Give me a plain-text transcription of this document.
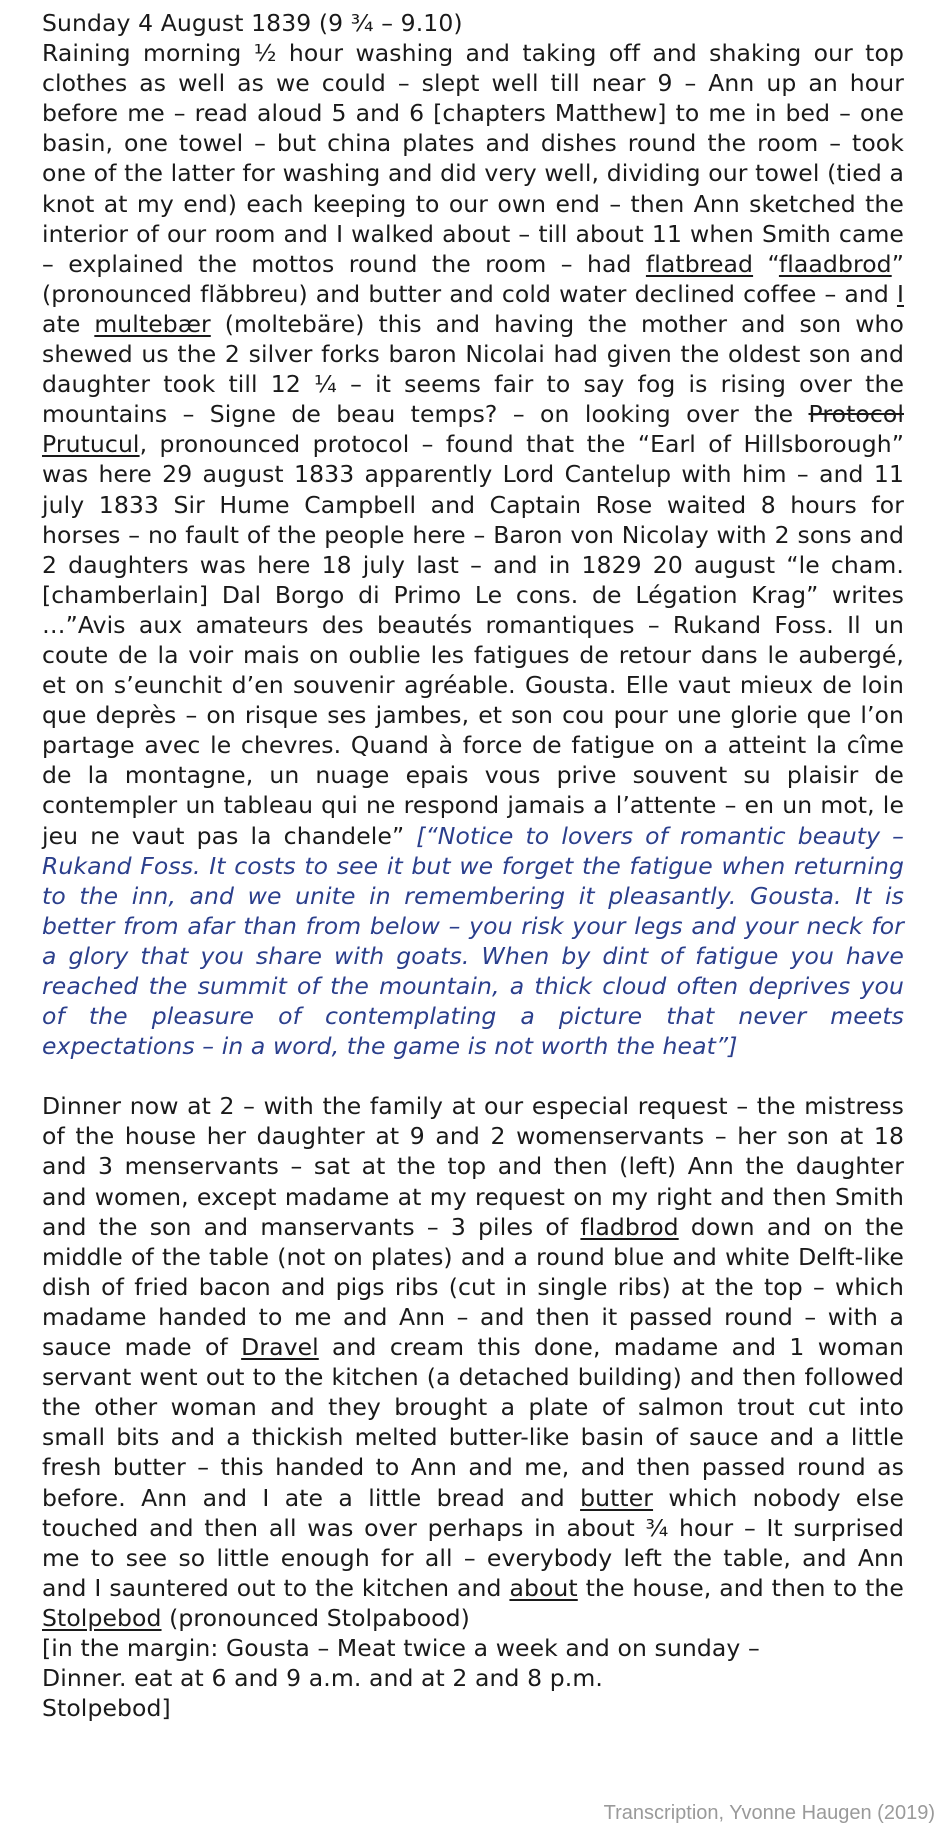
Sunday 4 August 1839 (9 ¾ – 9.10)

Raining morning ½ hour washing and taking off and shaking our top clothes as well as we could – slept well till near 9 – Ann up an hour before me – read aloud 5 and 6 [chapters Matthew] to me in bed – one basin, one towel – but china plates and dishes round the room – took one of the latter for washing and did very well, dividing our towel (tied a knot at my end) each keeping to our own end – then Ann sketched the interior of our room and I walked about – till about 11 when Smith came – explained the mottos round the room – had flatbread “flaadbrod” (pronounced flăbbreu) and butter and cold water declined coffee – and I ate multebær (moltebäre) this and having the mother and son who shewed us the 2 silver forks baron Nicolai had given the oldest son and daughter took till 12 ¼ – it seems fair to say fog is rising over the mountains – Signe de beau temps? – on looking over the Protocol Prutucul, pronounced protocol – found that the “Earl of Hillsborough” was here 29 august 1833 apparently Lord Cantelup with him – and 11 july 1833 Sir Hume Campbell and Captain Rose waited 8 hours for horses – no fault of the people here – Baron von Nicolay with 2 sons and 2 daughters was here 18 july last – and in 1829 20 august “le cham.[chamberlain] Dal Borgo di Primo Le cons. de Légation Krag” writes …”Avis aux amateurs des beautés romantiques – Rukand Foss. Il un coute de la voir mais on oublie les fatigues de retour dans le aubergé, et on s’eunchit d’en souvenir agréable. Gousta. Elle vaut mieux de loin que deprès – on risque ses jambes, et son cou pour une glorie que l’on partage avec le chevres. Quand à force de fatigue on a atteint la cîme de la montagne, un nuage epais vous prive souvent su plaisir de contempler un tableau qui ne respond jamais a l’attente – en un mot, le jeu ne vaut pas la chandele” [“Notice to lovers of romantic beauty – Rukand Foss. It costs to see it but we forget the fatigue when returning to the inn, and we unite in remembering it pleasantly. Gousta. It is better from afar than from below – you risk your legs and your neck for a glory that you share with goats. When by dint of fatigue you have reached the summit of the mountain, a thick cloud often deprives you of the pleasure of contemplating a picture that never meets expectations – in a word, the game is not worth the heat”]

Dinner now at 2 – with the family at our especial request – the mistress of the house her daughter at 9 and 2 womenservants – her son at 18 and 3 menservants – sat at the top and then (left) Ann the daughter and women, except madame at my request on my right and then Smith and the son and manservants – 3 piles of fladbrod down and on the middle of the table (not on plates) and a round blue and white Delft-like dish of fried bacon and pigs ribs (cut in single ribs) at the top – which madame handed to me and Ann – and then it passed round – with a sauce made of Dravel and cream this done, madame and 1 woman servant went out to the kitchen (a detached building) and then followed the other woman and they brought a plate of salmon trout cut into small bits and a thickish melted butter-like basin of sauce and a little fresh butter – this handed to Ann and me, and then passed round as before. Ann and I ate a little bread and butter which nobody else touched and then all was over perhaps in about ¾ hour – It surprised me to see so little enough for all – everybody left the table, and Ann and I sauntered out to the kitchen and about the house, and then to the Stolpebod (pronounced Stolpabood)

[in the margin: Gousta – Meat twice a week and on sunday –
Dinner. eat at 6 and 9 a.m. and at 2 and 8 p.m.
Stolpebod]

Transcription, Yvonne Haugen (2019)
